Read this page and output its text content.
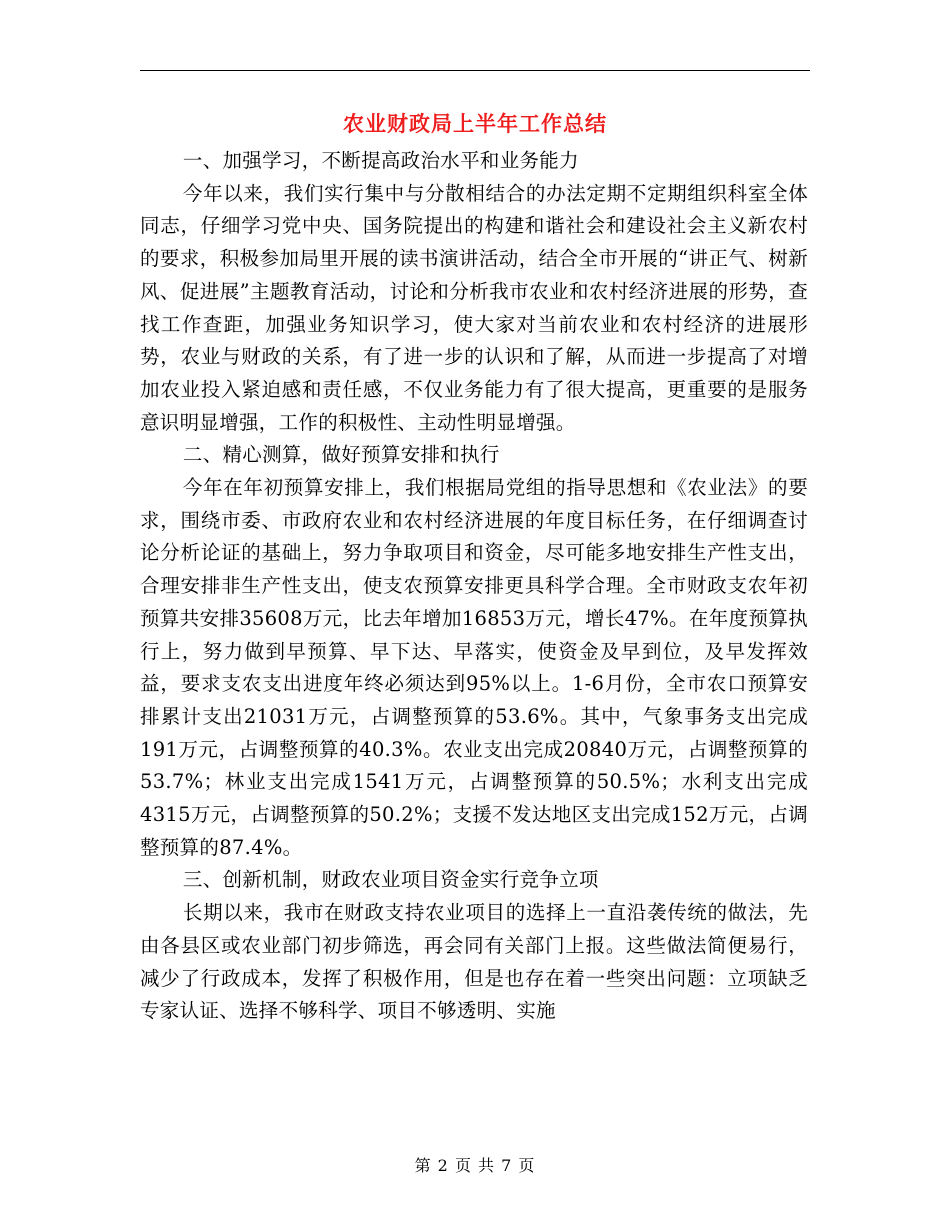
农业财政局上半年工作总结

一、加强学习，不断提高政治水平和业务能力

今年以来，我们实行集中与分散相结合的办法定期不定期组织科室全体同志，仔细学习党中央、国务院提出的构建和谐社会和建设社会主义新农村的要求，积极参加局里开展的读书演讲活动，结合全市开展的“讲正气、树新风、促进展”主题教育活动，讨论和分析我市农业和农村经济进展的形势，查找工作查距，加强业务知识学习，使大家对当前农业和农村经济的进展形势，农业与财政的关系，有了进一步的认识和了解，从而进一步提高了对增加农业投入紧迫感和责任感，不仅业务能力有了很大提高，更重要的是服务意识明显增强，工作的积极性、主动性明显增强。

二、精心测算，做好预算安排和执行

今年在年初预算安排上，我们根据局党组的指导思想和《农业法》的要求，围绕市委、市政府农业和农村经济进展的年度目标任务，在仔细调查讨论分析论证的基础上，努力争取项目和资金，尽可能多地安排生产性支出，合理安排非生产性支出，使支农预算安排更具科学合理。全市财政支农年初预算共安排35608万元，比去年增加16853万元，增长47%。在年度预算执行上，努力做到早预算、早下达、早落实，使资金及早到位，及早发挥效益，要求支农支出进度年终必须达到95%以上。1-6月份，全市农口预算安排累计支出21031万元，占调整预算的53.6%。其中，气象事务支出完成191万元，占调整预算的40.3%。农业支出完成20840万元，占调整预算的53.7%；林业支出完成1541万元，占调整预算的50.5%；水利支出完成4315万元，占调整预算的50.2%；支援不发达地区支出完成152万元，占调整预算的87.4%。

三、创新机制，财政农业项目资金实行竞争立项

长期以来，我市在财政支持农业项目的选择上一直沿袭传统的做法，先由各县区或农业部门初步筛选，再会同有关部门上报。这些做法简便易行，减少了行政成本，发挥了积极作用，但是也存在着一些突出问题：立项缺乏专家认证、选择不够科学、项目不够透明、实施

第 2 页 共 7 页
